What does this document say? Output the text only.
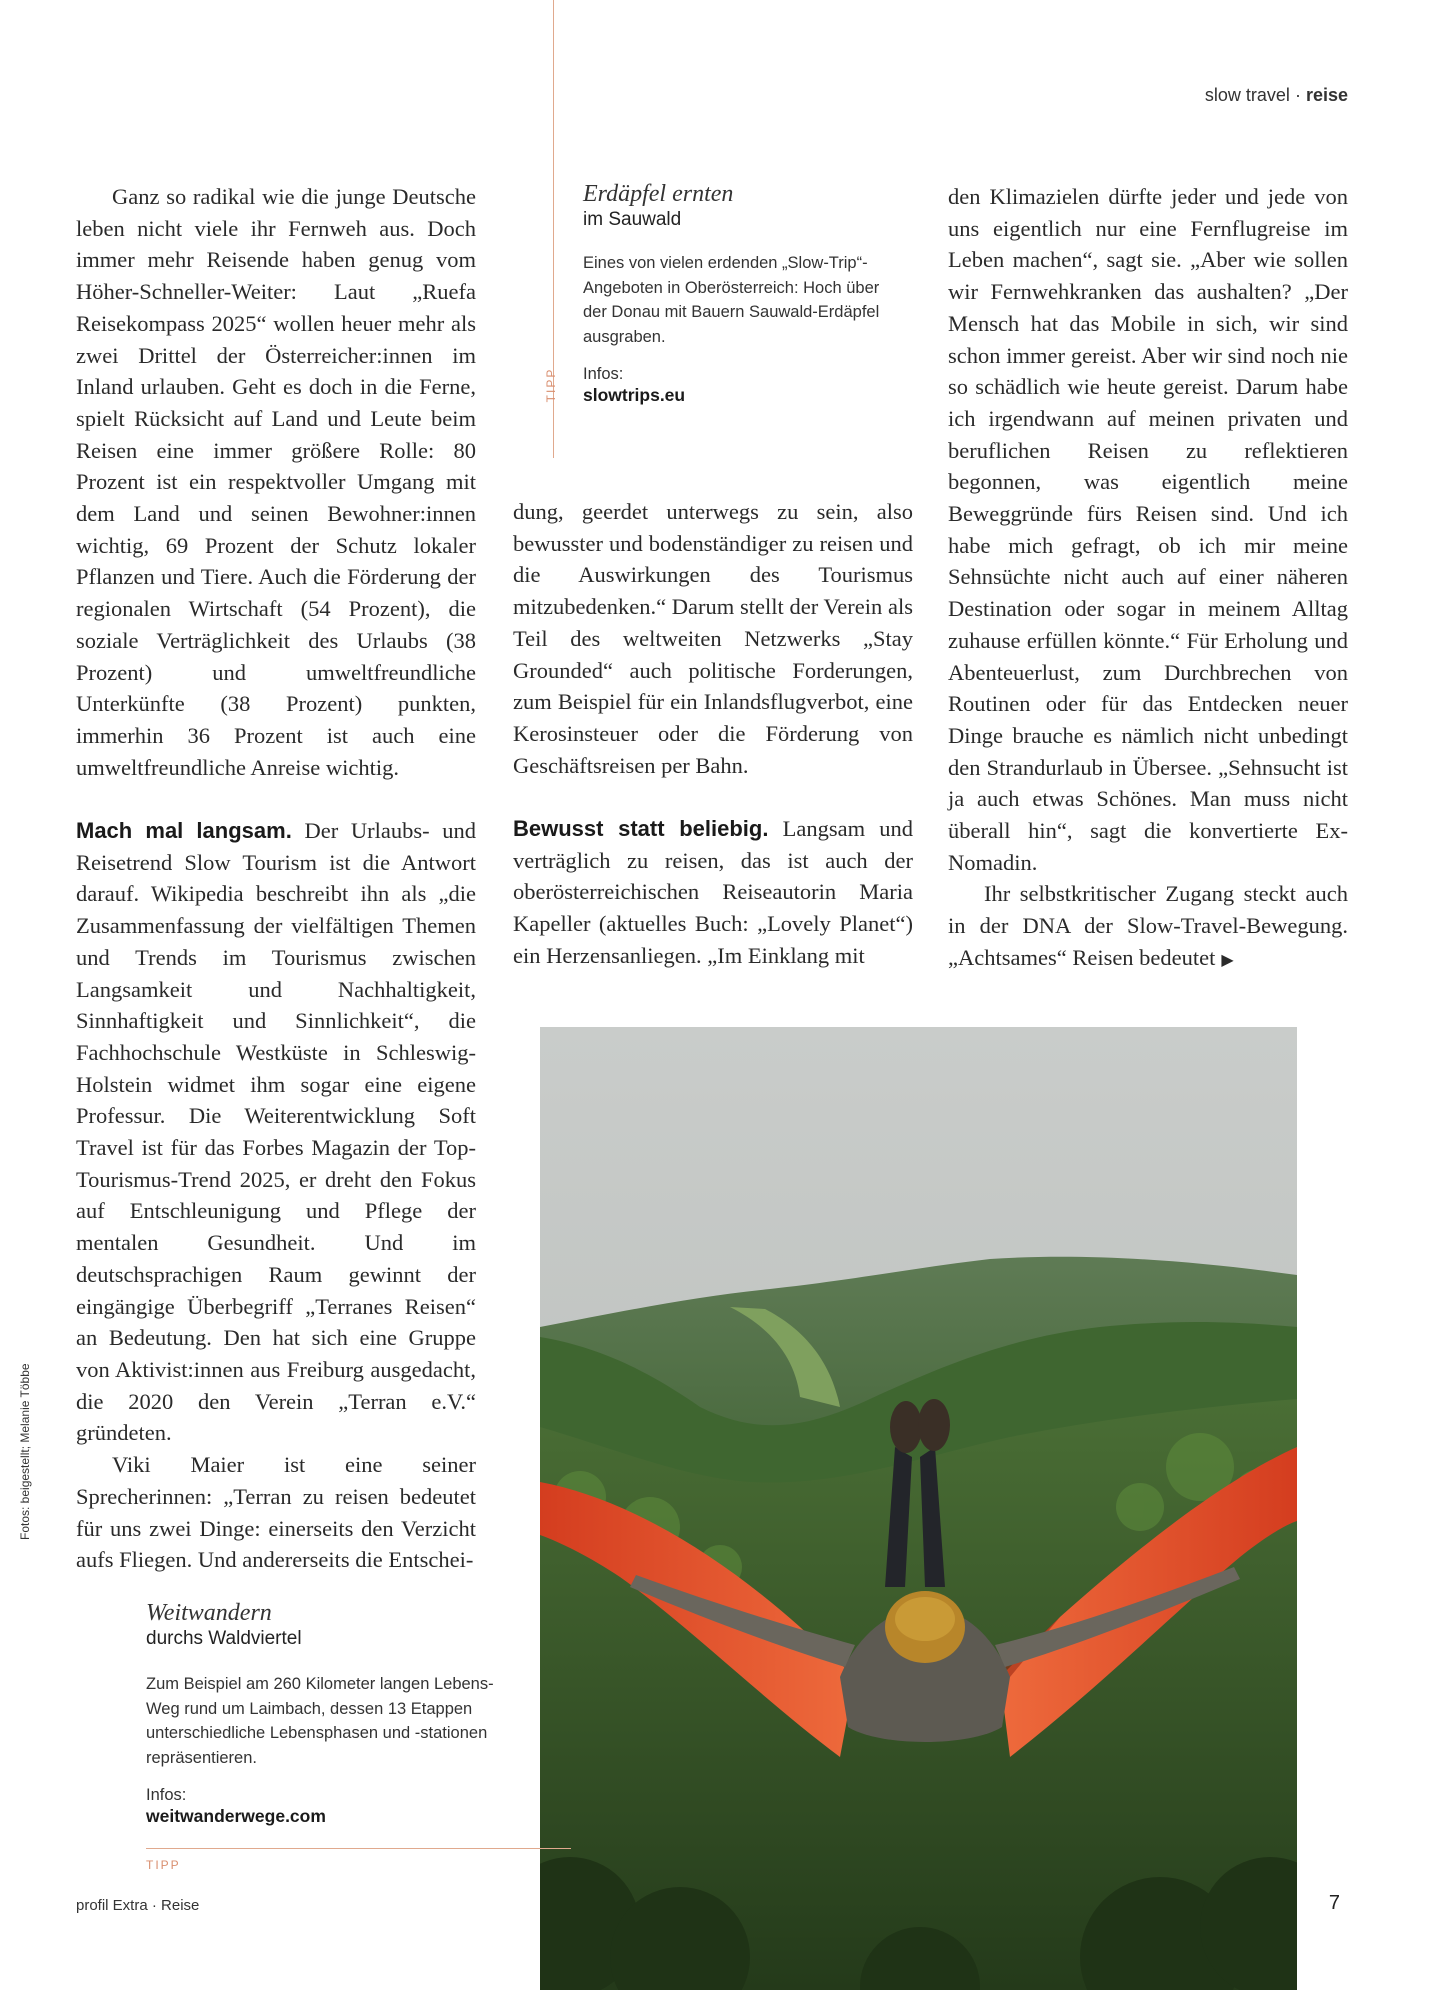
slow travel · reise

Ganz so radikal wie die junge Deutsche leben nicht viele ihr Fernweh aus. Doch immer mehr Reisende haben genug vom Höher-Schneller-Weiter: Laut „Ruefa Reisekompass 2025“ wollen heuer mehr als zwei Drittel der Österreicher:innen im Inland urlauben. Geht es doch in die Ferne, spielt Rücksicht auf Land und Leute beim Reisen eine immer größere Rolle: 80 Prozent ist ein respektvoller Umgang mit dem Land und seinen Bewohner:innen wichtig, 69 Prozent der Schutz lokaler Pflanzen und Tiere. Auch die Förderung der regionalen Wirtschaft (54 Prozent), die soziale Verträglichkeit des Urlaubs (38 Prozent) und umweltfreundliche Unterkünfte (38 Prozent) punkten, immerhin 36 Prozent ist auch eine umweltfreundliche Anreise wichtig.

Mach mal langsam. Der Urlaubs- und Reisetrend Slow Tourism ist die Antwort darauf. Wikipedia beschreibt ihn als „die Zusammenfassung der vielfältigen Themen und Trends im Tourismus zwischen Langsamkeit und Nachhaltigkeit, Sinnhaftigkeit und Sinnlichkeit“, die Fachhochschule Westküste in Schleswig-Holstein widmet ihm sogar eine eigene Professur. Die Weiterentwicklung Soft Travel ist für das Forbes Magazin der Top-Tourismus-Trend 2025, er dreht den Fokus auf Entschleunigung und Pflege der mentalen Gesundheit. Und im deutschsprachigen Raum gewinnt der eingängige Überbegriff „Terranes Reisen“ an Bedeutung. Den hat sich eine Gruppe von Aktivist:innen aus Freiburg ausgedacht, die 2020 den Verein „Terran e.V.“ gründeten.

Viki Maier ist eine seiner Sprecherinnen: „Terran zu reisen bedeutet für uns zwei Dinge: einerseits den Verzicht aufs Fliegen. Und andererseits die Entschei-

TIPP
Erdäpfel ernten
im Sauwald
Eines von vielen erdenden „Slow-Trip“-Angeboten in Oberösterreich: Hoch über der Donau mit Bauern Sauwald-Erdäpfel ausgraben.
Infos:
slowtrips.eu

dung, geerdet unterwegs zu sein, also bewusster und bodenständiger zu reisen und die Auswirkungen des Tourismus mitzubedenken.“ Darum stellt der Verein als Teil des weltweiten Netzwerks „Stay Grounded“ auch politische Forderungen, zum Beispiel für ein Inlandsflugverbot, eine Kerosinsteuer oder die Förderung von Geschäftsreisen per Bahn.

Bewusst statt beliebig. Langsam und verträglich zu reisen, das ist auch der oberösterreichischen Reiseautorin Maria Kapeller (aktuelles Buch: „Lovely Planet“) ein Herzensanliegen. „Im Einklang mit

den Klimazielen dürfte jeder und jede von uns eigentlich nur eine Fernflugreise im Leben machen“, sagt sie. „Aber wie sollen wir Fernwehkranken das aushalten? „Der Mensch hat das Mobile in sich, wir sind schon immer gereist. Aber wir sind noch nie so schädlich wie heute gereist. Darum habe ich irgendwann auf meinen privaten und beruflichen Reisen zu reflektieren begonnen, was eigentlich meine Beweggründe fürs Reisen sind. Und ich habe mich gefragt, ob ich mir meine Sehnsüchte nicht auch auf einer näheren Destination oder sogar in meinem Alltag zuhause erfüllen könnte.“ Für Erholung und Abenteuerlust, zum Durchbrechen von Routinen oder für das Entdecken neuer Dinge brauche es nämlich nicht unbedingt den Strandurlaub in Übersee. „Sehnsucht ist ja auch etwas Schönes. Man muss nicht überall hin“, sagt die konvertierte Ex-Nomadin.

Ihr selbstkritischer Zugang steckt auch in der DNA der Slow-Travel-Bewegung. „Achtsames“ Reisen bedeutet ▶

Weitwandern
durchs Waldviertel
Zum Beispiel am 260 Kilometer langen Lebens-Weg rund um Laimbach, dessen 13 Etappen unterschiedliche Lebensphasen und -stationen repräsentieren.
Infos:
weitwanderwege.com
TIPP
Fotos: beigestellt; Melanie Többe
profil Extra · Reise	7
